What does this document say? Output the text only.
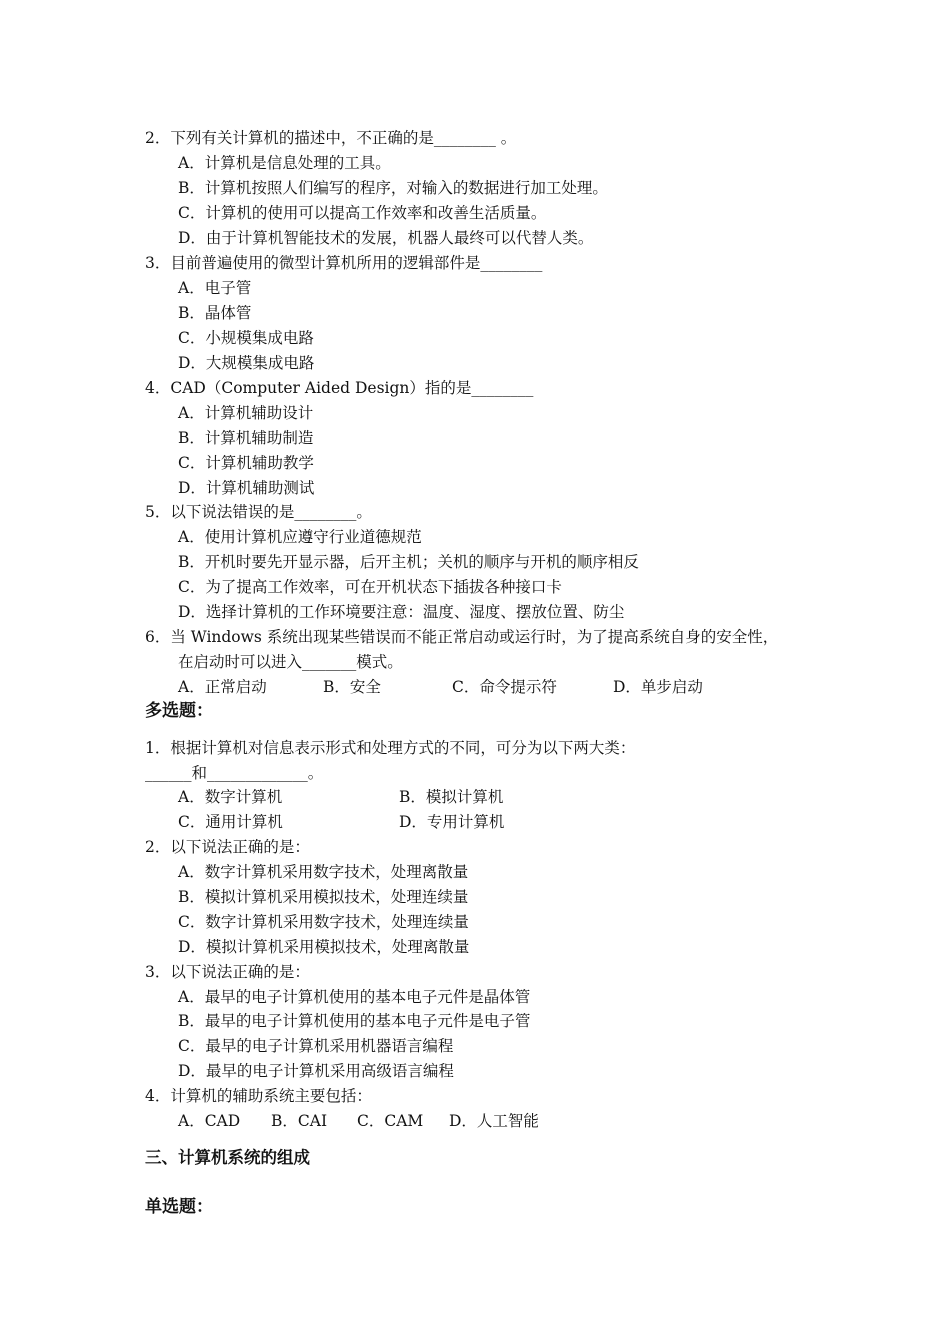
2．下列有关计算机的描述中，不正确的是________ 。
A．计算机是信息处理的工具。
B．计算机按照人们编写的程序，对输入的数据进行加工处理。
C．计算机的使用可以提高工作效率和改善生活质量。
D．由于计算机智能技术的发展，机器人最终可以代替人类。
3．目前普遍使用的微型计算机所用的逻辑部件是________
A．电子管
B．晶体管
C．小规模集成电路
D．大规模集成电路
4．CAD（Computer Aided Design）指的是________
A．计算机辅助设计
B．计算机辅助制造
C．计算机辅助教学
D．计算机辅助测试
5．以下说法错误的是________。
A．使用计算机应遵守行业道德规范
B．开机时要先开显示器，后开主机；关机的顺序与开机的顺序相反
C．为了提高工作效率，可在开机状态下插拔各种接口卡
D．选择计算机的工作环境要注意：温度、湿度、摆放位置、防尘
6．当 Windows 系统出现某些错误而不能正常启动或运行时，为了提高系统自身的安全性，
在启动时可以进入_______模式。
A．正常启动	B．安全	C．命令提示符	D．单步启动
多选题：
1．根据计算机对信息表示形式和处理方式的不同，可分为以下两大类：
______和_____________。
A．数字计算机	B．模拟计算机
C．通用计算机	D．专用计算机
2．以下说法正确的是：
A．数字计算机采用数字技术，处理离散量
B．模拟计算机采用模拟技术，处理连续量
C．数字计算机采用数字技术，处理连续量
D．模拟计算机采用模拟技术，处理离散量
3．以下说法正确的是：
A．最早的电子计算机使用的基本电子元件是晶体管
B．最早的电子计算机使用的基本电子元件是电子管
C．最早的电子计算机采用机器语言编程
D．最早的电子计算机采用高级语言编程
4．计算机的辅助系统主要包括：
A．CAD B．CAI C．CAM D．人工智能
三、计算机系统的组成
单选题：
